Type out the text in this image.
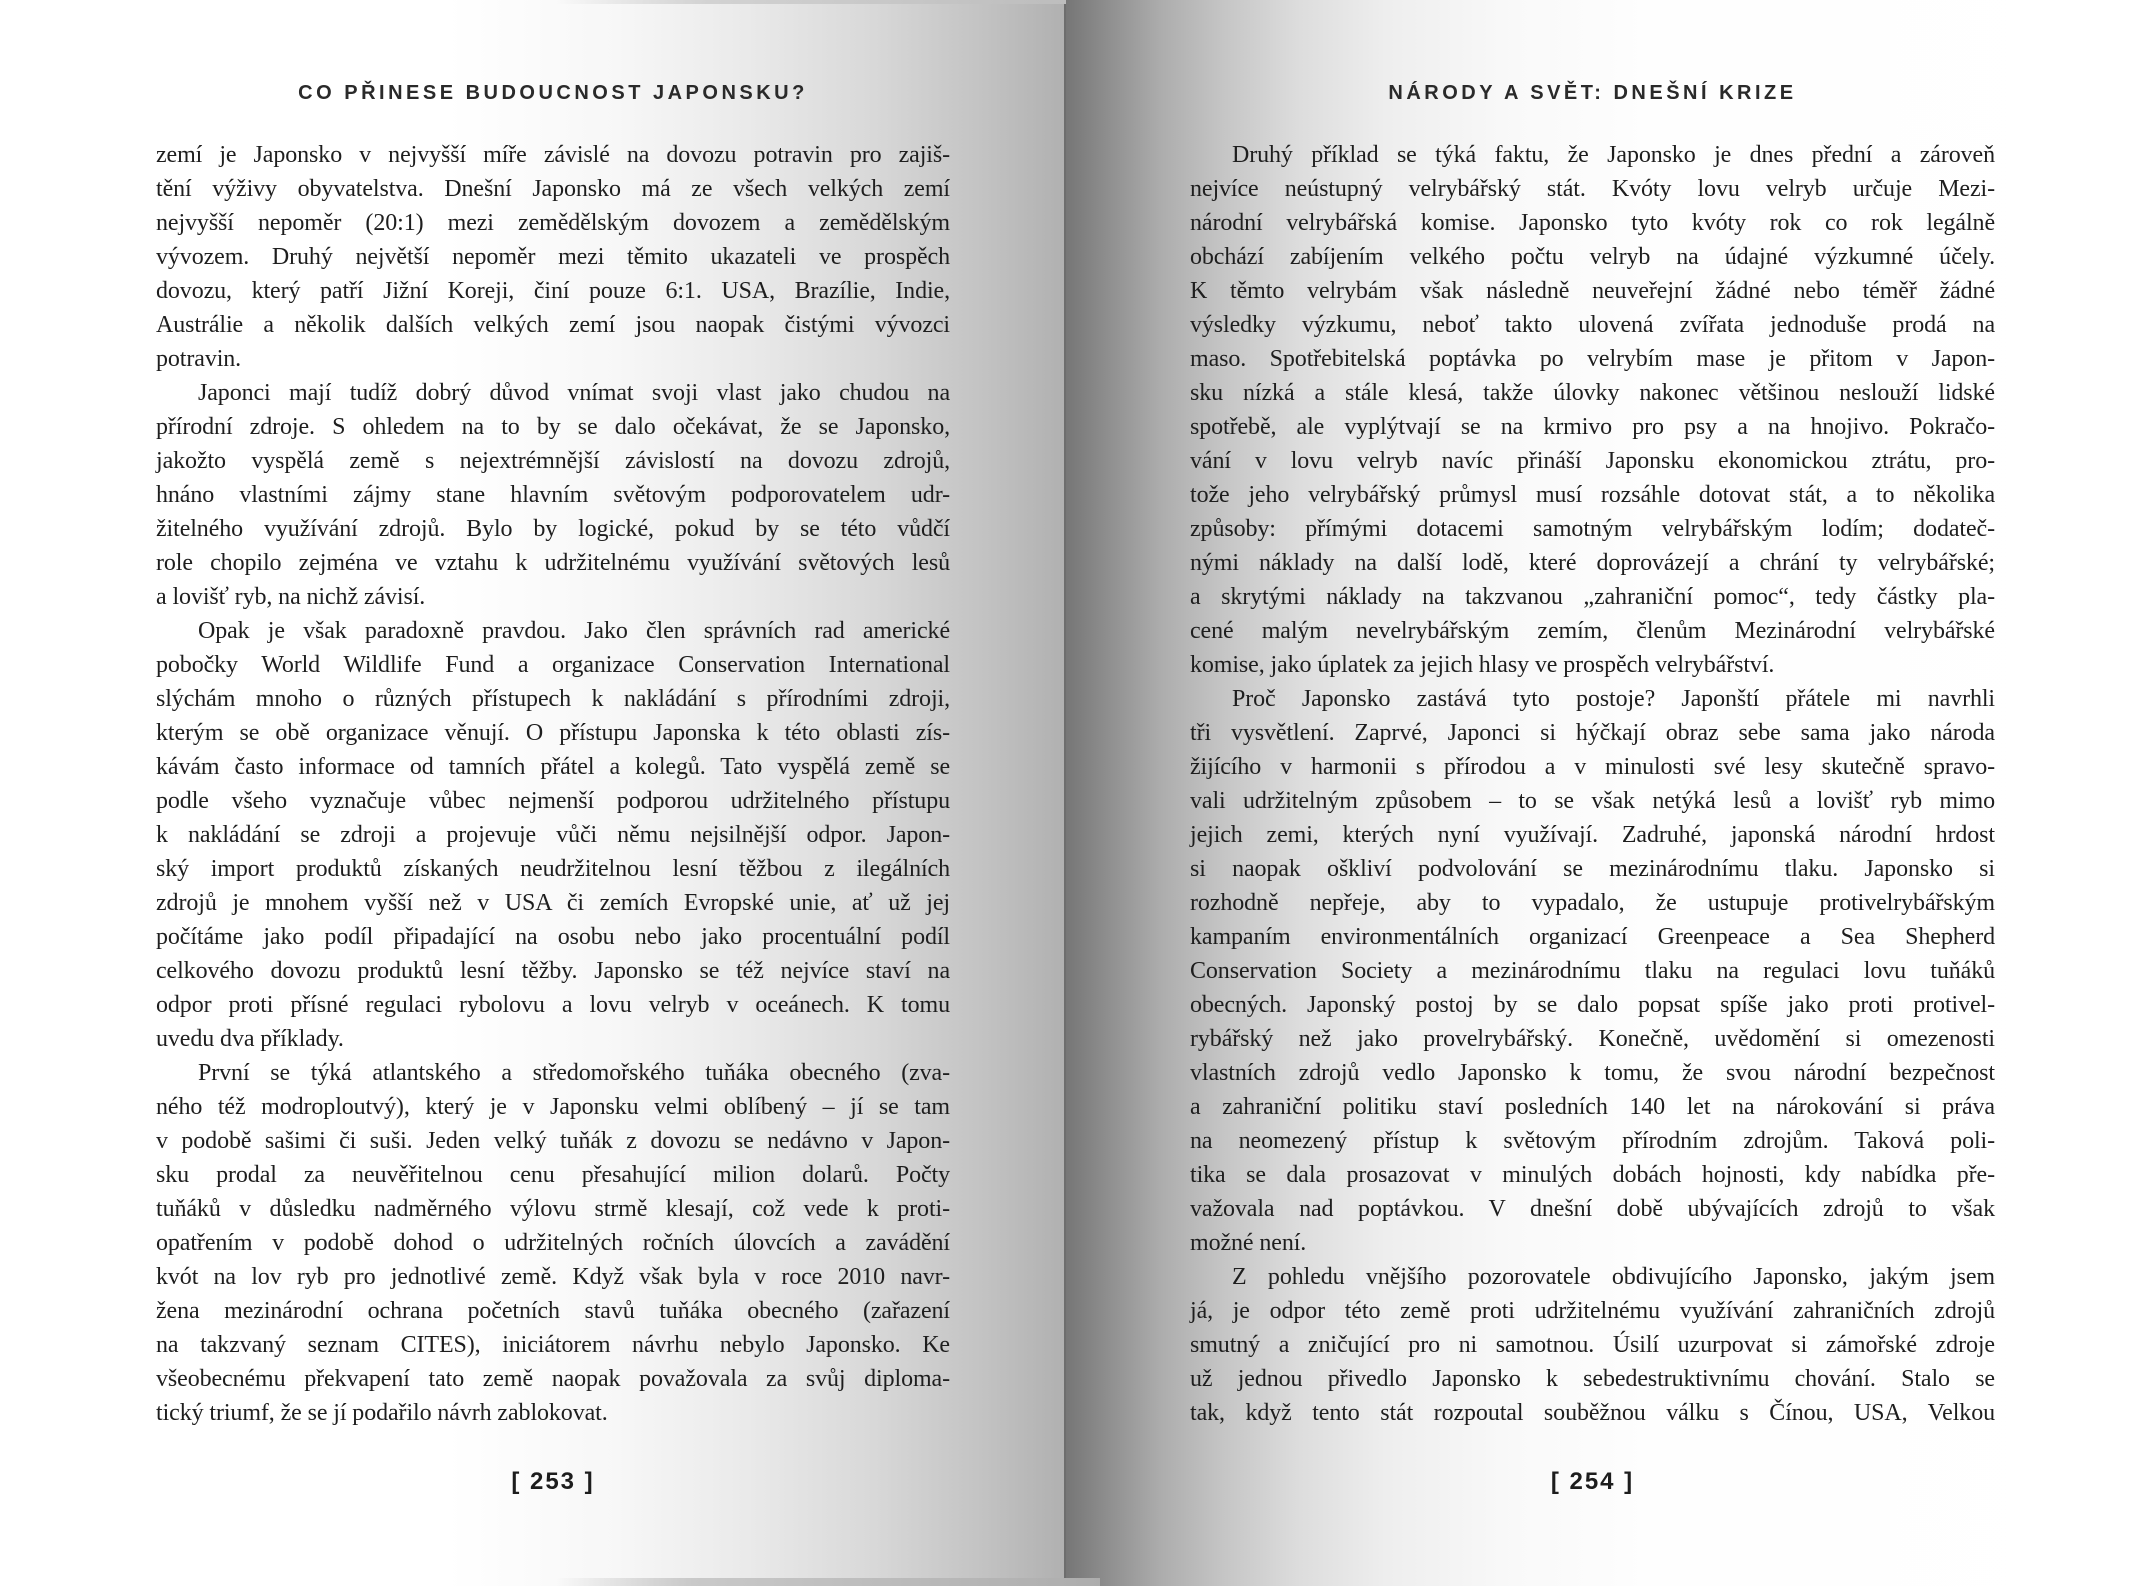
CO PŘINESE BUDOUCNOST JAPONSKU?	NÁRODY A SVĚT: DNEŠNÍ KRIZE
zemí je Japonsko v nejvyšší míře závislé na dovozu potravin pro zajiš-
tění výživy obyvatelstva. Dnešní Japonsko má ze všech velkých zemí
nejvyšší nepoměr (20:1) mezi zemědělským dovozem a zemědělským
vývozem. Druhý největší nepoměr mezi těmito ukazateli ve prospěch
dovozu, který patří Jižní Koreji, činí pouze 6:1. USA, Brazílie, Indie,
Austrálie a několik dalších velkých zemí jsou naopak čistými vývozci
potravin.
Japonci mají tudíž dobrý důvod vnímat svoji vlast jako chudou na
přírodní zdroje. S ohledem na to by se dalo očekávat, že se Japonsko,
jakožto vyspělá země s nejextrémnější závislostí na dovozu zdrojů,
hnáno vlastními zájmy stane hlavním světovým podporovatelem udr-
žitelného využívání zdrojů. Bylo by logické, pokud by se této vůdčí
role chopilo zejména ve vztahu k udržitelnému využívání světových lesů
a lovišť ryb, na nichž závisí.
Opak je však paradoxně pravdou. Jako člen správních rad americké
pobočky World Wildlife Fund a organizace Conservation International
slýchám mnoho o různých přístupech k nakládání s přírodními zdroji,
kterým se obě organizace věnují. O přístupu Japonska k této oblasti zís-
kávám často informace od tamních přátel a kolegů. Tato vyspělá země se
podle všeho vyznačuje vůbec nejmenší podporou udržitelného přístupu
k nakládání se zdroji a projevuje vůči němu nejsilnější odpor. Japon-
ský import produktů získaných neudržitelnou lesní těžbou z ilegálních
zdrojů je mnohem vyšší než v USA či zemích Evropské unie, ať už jej
počítáme jako podíl připadající na osobu nebo jako procentuální podíl
celkového dovozu produktů lesní těžby. Japonsko se též nejvíce staví na
odpor proti přísné regulaci rybolovu a lovu velryb v oceánech. K tomu
uvedu dva příklady.
První se týká atlantského a středomořského tuňáka obecného (zva-
ného též modroploutvý), který je v Japonsku velmi oblíbený – jí se tam
v podobě sašimi či suši. Jeden velký tuňák z dovozu se nedávno v Japon-
sku prodal za neuvěřitelnou cenu přesahující milion dolarů. Počty
tuňáků v důsledku nadměrného výlovu strmě klesají, což vede k proti-
opatřením v podobě dohod o udržitelných ročních úlovcích a zavádění
kvót na lov ryb pro jednotlivé země. Když však byla v roce 2010 navr-
žena mezinárodní ochrana početních stavů tuňáka obecného (zařazení
na takzvaný seznam CITES), iniciátorem návrhu nebylo Japonsko. Ke
všeobecnému překvapení tato země naopak považovala za svůj diploma-
tický triumf, že se jí podařilo návrh zablokovat.
Druhý příklad se týká faktu, že Japonsko je dnes přední a zároveň
nejvíce neústupný velrybářský stát. Kvóty lovu velryb určuje Mezi-
národní velrybářská komise. Japonsko tyto kvóty rok co rok legálně
obchází zabíjením velkého počtu velryb na údajné výzkumné účely.
K těmto velrybám však následně neuveřejní žádné nebo téměř žádné
výsledky výzkumu, neboť takto ulovená zvířata jednoduše prodá na
maso. Spotřebitelská poptávka po velrybím mase je přitom v Japon-
sku nízká a stále klesá, takže úlovky nakonec většinou neslouží lidské
spotřebě, ale vyplýtvají se na krmivo pro psy a na hnojivo. Pokračo-
vání v lovu velryb navíc přináší Japonsku ekonomickou ztrátu, pro-
tože jeho velrybářský průmysl musí rozsáhle dotovat stát, a to několika
způsoby: přímými dotacemi samotným velrybářským lodím; dodateč-
nými náklady na další lodě, které doprovázejí a chrání ty velrybářské;
a skrytými náklady na takzvanou „zahraniční pomoc“, tedy částky pla-
cené malým nevelrybářským zemím, členům Mezinárodní velrybářské
komise, jako úplatek za jejich hlasy ve prospěch velrybářství.
Proč Japonsko zastává tyto postoje? Japonští přátele mi navrhli
tři vysvětlení. Zaprvé, Japonci si hýčkají obraz sebe sama jako národa
žijícího v harmonii s přírodou a v minulosti své lesy skutečně spravo-
vali udržitelným způsobem – to se však netýká lesů a lovišť ryb mimo
jejich zemi, kterých nyní využívají. Zadruhé, japonská národní hrdost
si naopak oškliví podvolování se mezinárodnímu tlaku. Japonsko si
rozhodně nepřeje, aby to vypadalo, že ustupuje protivelrybářským
kampaním environmentálních organizací Greenpeace a Sea Shepherd
Conservation Society a mezinárodnímu tlaku na regulaci lovu tuňáků
obecných. Japonský postoj by se dalo popsat spíše jako proti protivel-
rybářský než jako provelrybářský. Konečně, uvědomění si omezenosti
vlastních zdrojů vedlo Japonsko k tomu, že svou národní bezpečnost
a zahraniční politiku staví posledních 140 let na nárokování si práva
na neomezený přístup k světovým přírodním zdrojům. Taková poli-
tika se dala prosazovat v minulých dobách hojnosti, kdy nabídka pře-
važovala nad poptávkou. V dnešní době ubývajících zdrojů to však
možné není.
Z pohledu vnějšího pozorovatele obdivujícího Japonsko, jakým jsem
já, je odpor této země proti udržitelnému využívání zahraničních zdrojů
smutný a zničující pro ni samotnou. Úsilí uzurpovat si zámořské zdroje
už jednou přivedlo Japonsko k sebedestruktivnímu chování. Stalo se
tak, když tento stát rozpoutal souběžnou válku s Čínou, USA, Velkou
[ 253 ]	[ 254 ]
